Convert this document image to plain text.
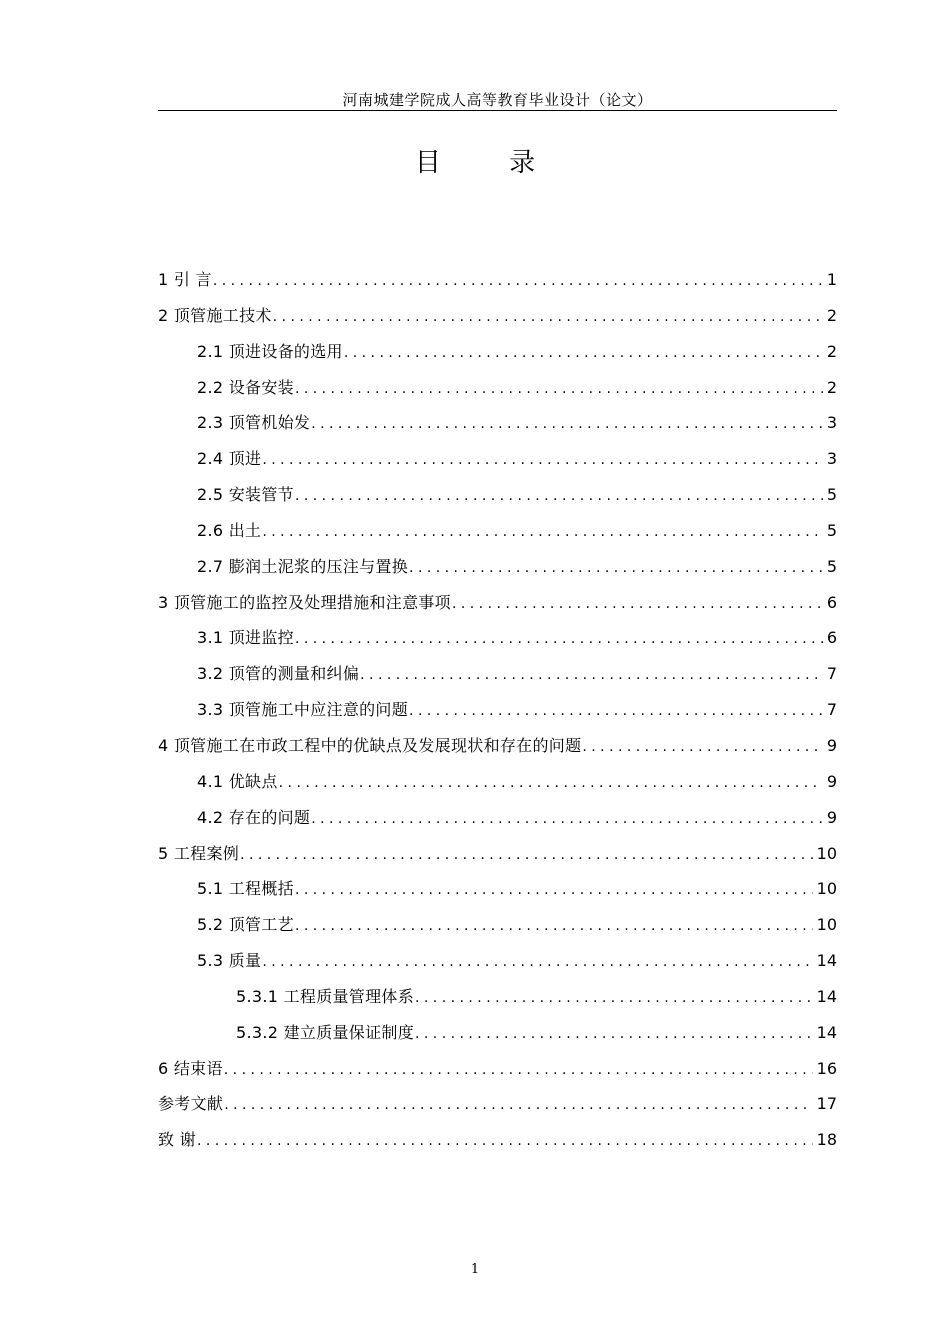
河南城建学院成人高等教育毕业设计（论文）
目 录
1 引 言 . . .	1
2 顶管施工技术 . . .	2
2.1 顶进设备的选用 . . .	2
2.2 设备安装 . . .	2
2.3 顶管机始发 . . .	3
2.4 顶进 . . .	3
2.5 安装管节 . . .	5
2.6 出土 . . .	5
2.7 膨润土泥浆的压注与置换 . . .	5
3 顶管施工的监控及处理措施和注意事项 . . .	6
3.1 顶进监控 . . .	6
3.2 顶管的测量和纠偏 . . .	7
3.3 顶管施工中应注意的问题 . . .	7
4 顶管施工在市政工程中的优缺点及发展现状和存在的问题 . . .	9
4.1 优缺点 . . .	9
4.2 存在的问题 . . .	9
5 工程案例 . . .	10
5.1 工程概括 . . .	10
5.2 顶管工艺 . . .	10
5.3 质量 . . .	14
5.3.1 工程质量管理体系 . . .	14
5.3.2 建立质量保证制度 . . .	14
6 结束语 . . .	16
参考文献 . . .	17
致 谢 . . .	18
1
